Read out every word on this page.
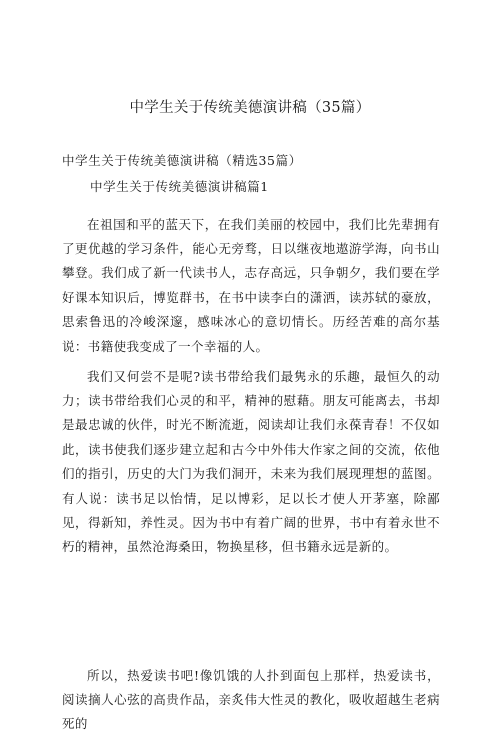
中学生关于传统美德演讲稿（35篇）
中学生关于传统美德演讲稿（精选35篇）
中学生关于传统美德演讲稿篇1

在祖国和平的蓝天下，在我们美丽的校园中，我们比先辈拥有了更优越的学习条件，能心无旁骛，日以继夜地遨游学海，向书山攀登。我们成了新一代读书人，志存高远，只争朝夕，我们要在学好课本知识后，博览群书，在书中读李白的潇洒，读苏轼的豪放，思索鲁迅的冷峻深邃，感味冰心的意切情长。历经苦难的高尔基说：书籍使我变成了一个幸福的人。

我们又何尝不是呢?读书带给我们最隽永的乐趣，最恒久的动力；读书带给我们心灵的和平，精神的慰藉。朋友可能离去，书却是最忠诚的伙伴，时光不断流逝，阅读却让我们永葆青春！不仅如此，读书使我们逐步建立起和古今中外伟大作家之间的交流，依他们的指引，历史的大门为我们洞开，未来为我们展现理想的蓝图。有人说：读书足以怡情，足以博彩，足以长才使人开茅塞，除鄙见，得新知，养性灵。因为书中有着广阔的世界，书中有着永世不朽的精神，虽然沧海桑田，物换星移，但书籍永远是新的。

所以，热爱读书吧!像饥饿的人扑到面包上那样，热爱读书，阅读摘人心弦的高贵作品，亲炙伟大性灵的教化，吸收超越生老病死的
